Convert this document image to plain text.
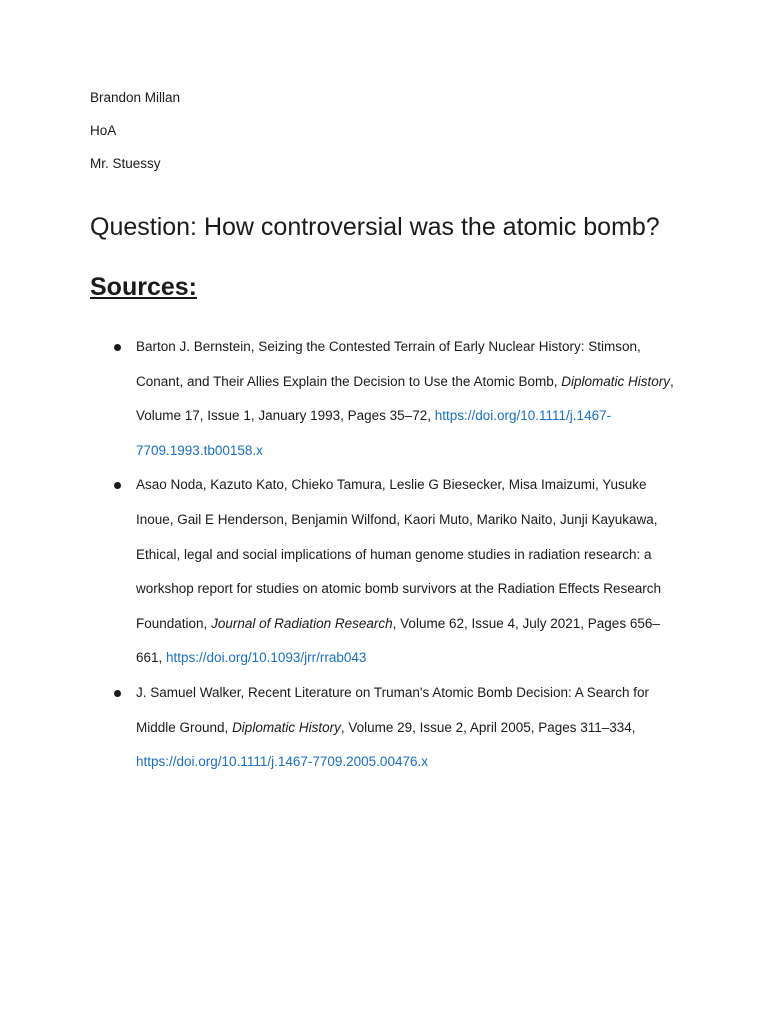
Brandon Millan

HoA

Mr. Stuessy

Question: How controversial was the atomic bomb?
Sources:
Barton J. Bernstein, Seizing the Contested Terrain of Early Nuclear History: Stimson, Conant, and Their Allies Explain the Decision to Use the Atomic Bomb, Diplomatic History, Volume 17, Issue 1, January 1993, Pages 35–72, https://doi.org/10.1111/j.1467-7709.1993.tb00158.x
Asao Noda, Kazuto Kato, Chieko Tamura, Leslie G Biesecker, Misa Imaizumi, Yusuke Inoue, Gail E Henderson, Benjamin Wilfond, Kaori Muto, Mariko Naito, Junji Kayukawa, Ethical, legal and social implications of human genome studies in radiation research: a workshop report for studies on atomic bomb survivors at the Radiation Effects Research Foundation, Journal of Radiation Research, Volume 62, Issue 4, July 2021, Pages 656–661, https://doi.org/10.1093/jrr/rrab043
J. Samuel Walker, Recent Literature on Truman's Atomic Bomb Decision: A Search for Middle Ground, Diplomatic History, Volume 29, Issue 2, April 2005, Pages 311–334, https://doi.org/10.1111/j.1467-7709.2005.00476.x
